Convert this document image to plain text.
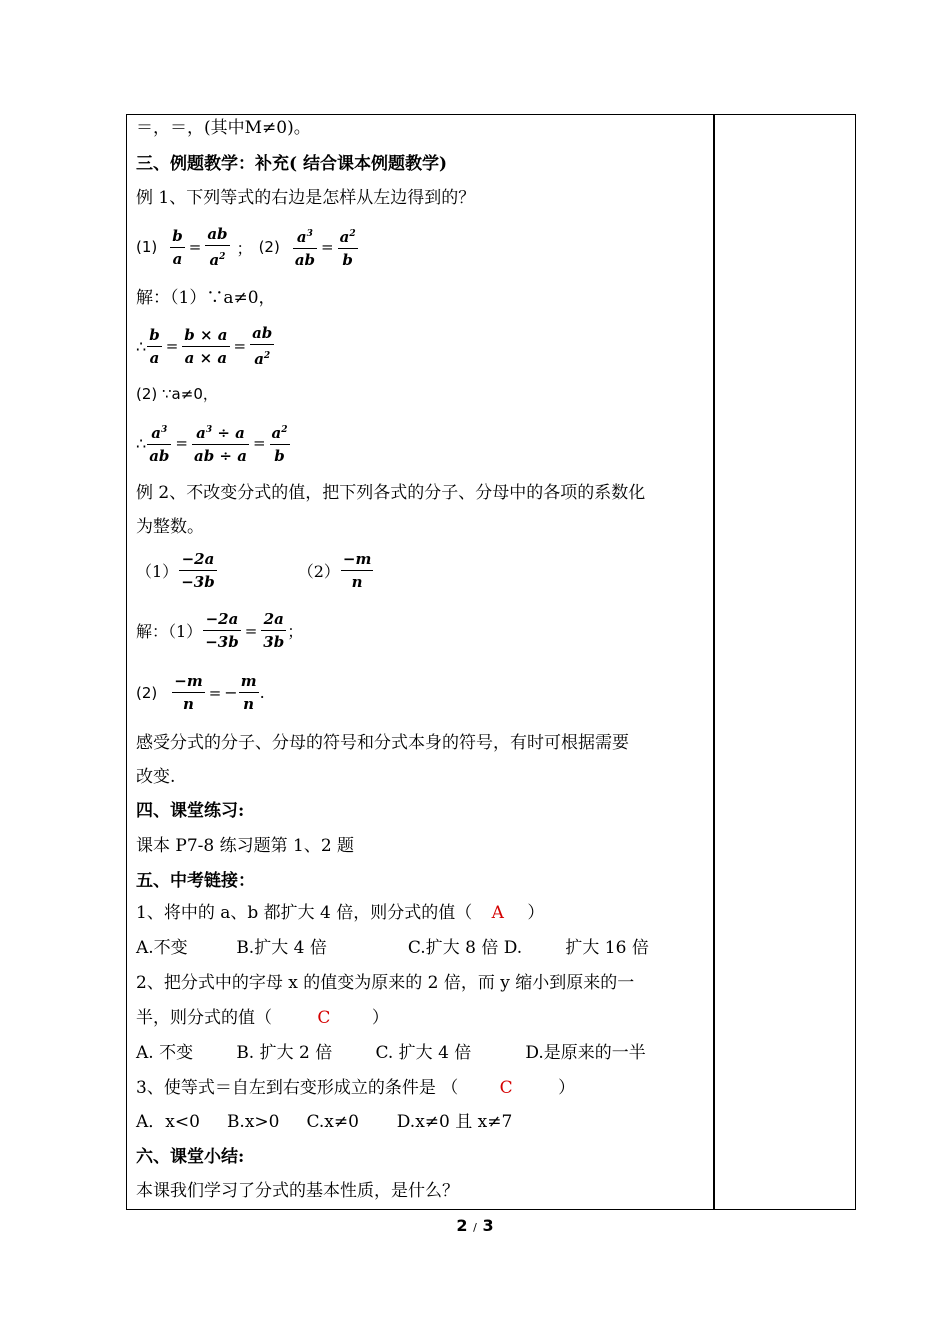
＝，＝，(其中M≠0)。
三、例题教学：补充( 结合课本例题教学)
例 1、下列等式的右边是怎样从左边得到的？
$(1) \frac{b}{a} = \frac{ab}{a^2}$ ； $(2) \frac{a^3}{ab} = \frac{a^2}{b}$
解：（1）∵a≠0，
∴ $\frac{b}{a} = \frac{b \times a}{a \times a} = \frac{ab}{a^2}$
(2) ∵a≠0，
∴ $\frac{a^3}{ab} = \frac{a^3 \div a}{ab \div a} = \frac{a^2}{b}$
例 2、不改变分式的值，把下列各式的分子、分母中的各项的系数化
为整数。
$(1) \frac{-2a}{-3b}$	$(2) \frac{-m}{n}$
解：$(1) \frac{-2a}{-3b} = \frac{2a}{3b}$ ；
$(2) \frac{-m}{n}$ = − $\frac{m}{n}$ .
感受分式的分子、分母的符号和分式本身的符号，有时可根据需要
改变.
四、课堂练习:
课本 P7-8 练习题第 1、2 题
五、中考链接：
1、将中的 a、b 都扩大 4 倍，则分式的值（ A ）
A.不变         B.扩大 4 倍               C.扩大 8 倍 D.        扩大 16 倍
2、把分式中的字母 x 的值变为原来的 2 倍，而 y 缩小到原来的一
半，则分式的值（	C ）
A. 不变        B. 扩大 2 倍        C. 扩大 4 倍          D.是原来的一半
3、使等式＝自左到右变形成立的条件是 （ C	）
A．x<0     B.x>0     C.x≠0       D.x≠0 且 x≠7
六、课堂小结:
本课我们学习了分式的基本性质，是什么？
2 / 3
